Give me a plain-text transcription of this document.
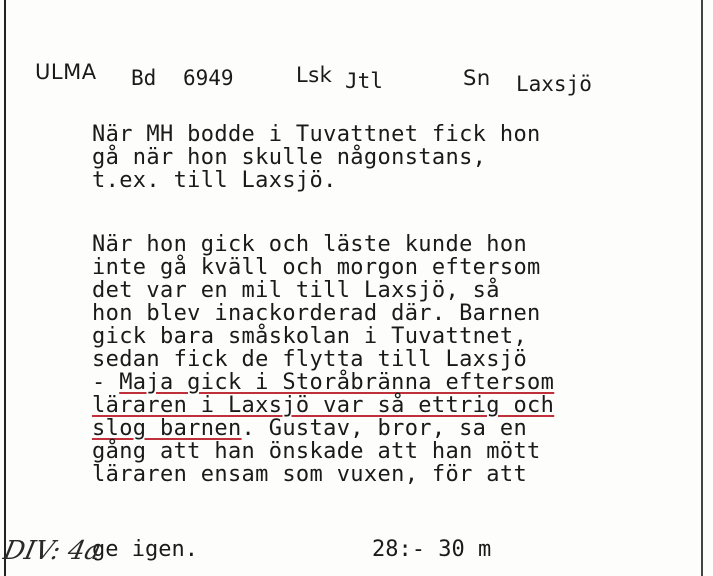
ULMA Bd 6949	Lsk Jtl	Sn Laxsjö
När MH bodde i Tuvattnet fick hon
gå när hon skulle någonstans,
t.ex. till Laxsjö.
När hon gick och läste kunde hon
inte gå kväll och morgon eftersom
det var en mil till Laxsjö, så
hon blev inackorderad där. Barnen
gick bara småskolan i Tuvattnet,
sedan fick de flytta till Laxsjö
- Maja gick i Storåbränna eftersom
läraren i Laxsjö var så ettrig och
slog barnen. Gustav, bror, sa en
gång att han önskade att han mött
läraren ensam som vuxen, för att
ge igen.	28:- 30 m
DIV: 4a
